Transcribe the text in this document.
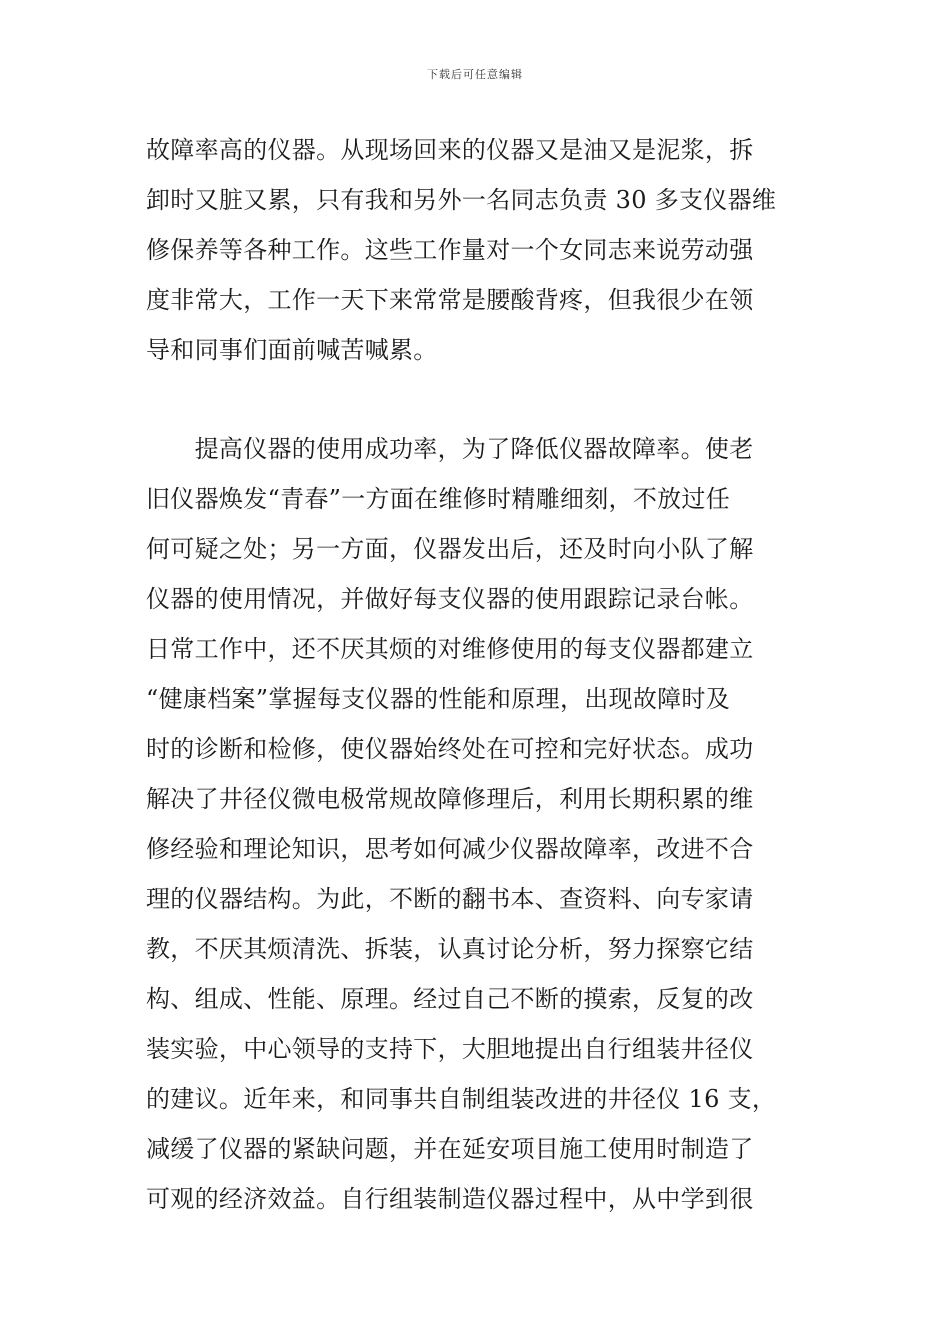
下载后可任意编辑
故障率高的仪器。从现场回来的仪器又是油又是泥浆，拆
卸时又脏又累，只有我和另外一名同志负责 30 多支仪器维
修保养等各种工作。这些工作量对一个女同志来说劳动强
度非常大，工作一天下来常常是腰酸背疼，但我很少在领
导和同事们面前喊苦喊累。
　　提高仪器的使用成功率，为了降低仪器故障率。使老
旧仪器焕发“青春”一方面在维修时精雕细刻，不放过任
何可疑之处；另一方面，仪器发出后，还及时向小队了解
仪器的使用情况，并做好每支仪器的使用跟踪记录台帐。
日常工作中，还不厌其烦的对维修使用的每支仪器都建立
“健康档案”掌握每支仪器的性能和原理，出现故障时及
时的诊断和检修，使仪器始终处在可控和完好状态。成功
解决了井径仪微电极常规故障修理后，利用长期积累的维
修经验和理论知识，思考如何减少仪器故障率，改进不合
理的仪器结构。为此，不断的翻书本、查资料、向专家请
教，不厌其烦清洗、拆装，认真讨论分析，努力探察它结
构、组成、性能、原理。经过自己不断的摸索，反复的改
装实验，中心领导的支持下，大胆地提出自行组装井径仪
的建议。近年来，和同事共自制组装改进的井径仪 16 支，
减缓了仪器的紧缺问题，并在延安项目施工使用时制造了
可观的经济效益。自行组装制造仪器过程中，从中学到很
